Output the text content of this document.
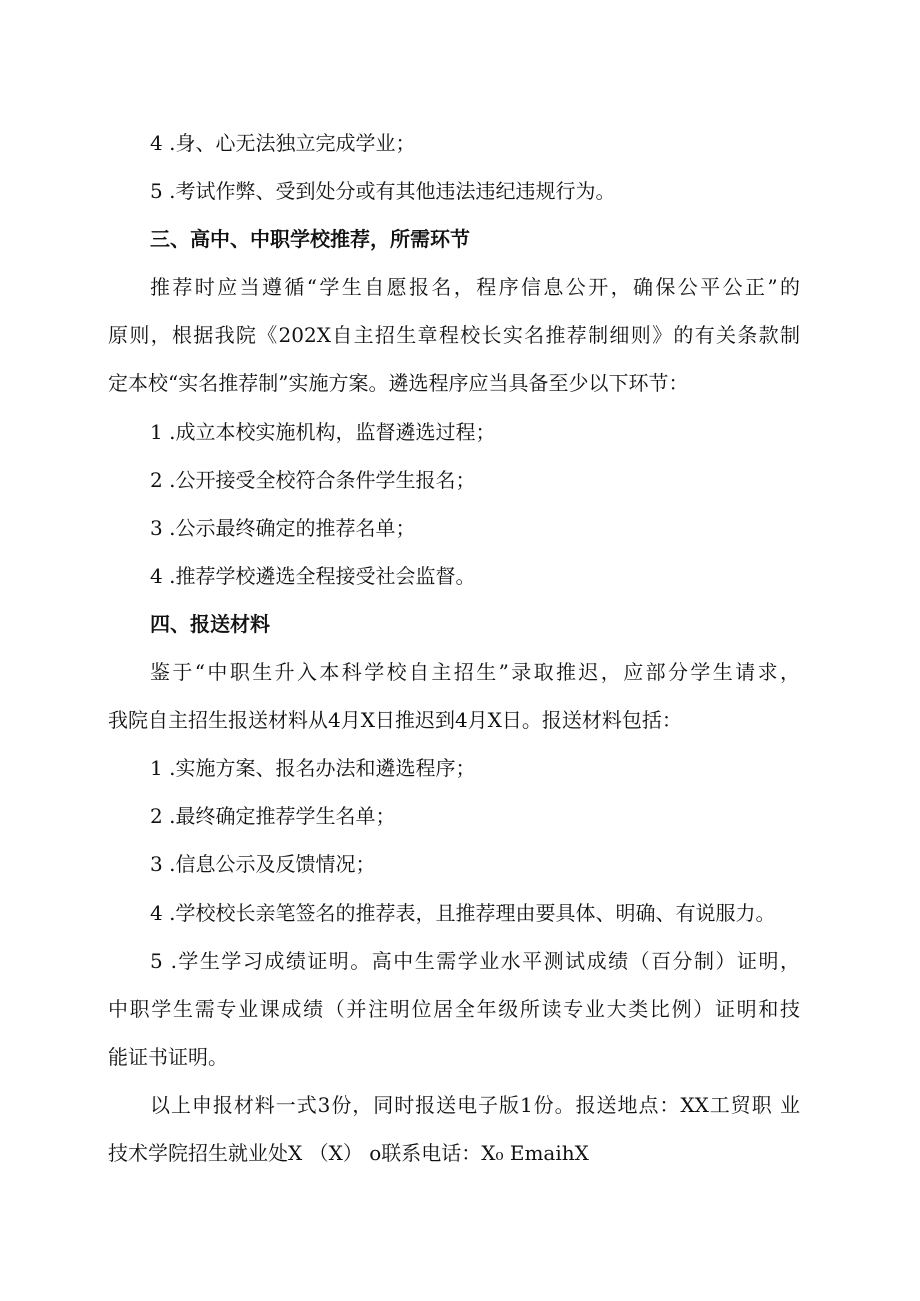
4 .身、心无法独立完成学业；
5 .考试作弊、受到处分或有其他违法违纪违规行为。
三、高中、中职学校推荐，所需环节
推荐时应当遵循“学生自愿报名，程序信息公开，确保公平公正”的
原则，根据我院《202X自主招生章程校长实名推荐制细则》的有关条款制
定本校“实名推荐制”实施方案。遴选程序应当具备至少以下环节：
1 .成立本校实施机构，监督遴选过程；
2 .公开接受全校符合条件学生报名；
3 .公示最终确定的推荐名单；
4 .推荐学校遴选全程接受社会监督。
四、报送材料
鉴于“中职生升入本科学校自主招生”录取推迟，应部分学生请求，
我院自主招生报送材料从4月X日推迟到4月X日。报送材料包括：
1 .实施方案、报名办法和遴选程序；
2 .最终确定推荐学生名单；
3 .信息公示及反馈情况；
4 .学校校长亲笔签名的推荐表，且推荐理由要具体、明确、有说服力。
5 .学生学习成绩证明。高中生需学业水平测试成绩（百分制）证明，
中职学生需专业课成绩（并注明位居全年级所读专业大类比例）证明和技
能证书证明。
以上申报材料一式3份，同时报送电子版1份。报送地点：XX工贸职 业
技术学院招生就业处X （X） o联系电话：X₀ EmaihX
